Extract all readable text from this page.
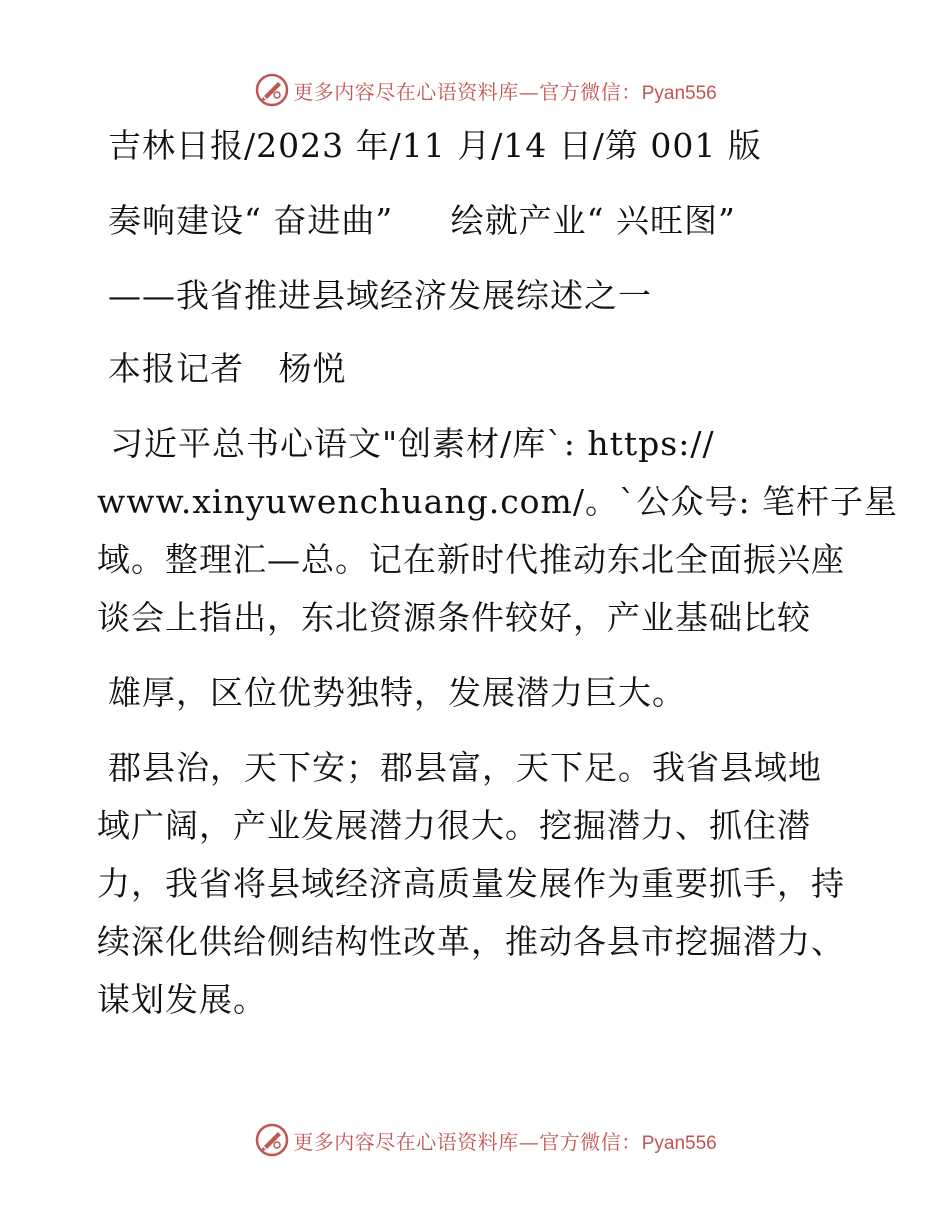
更多内容尽在心语资料库—官方微信：Pyan556
吉林日报/2023 年/11 月/14 日/第 001 版
奏响建设“ 奋进曲”     绘就产业“ 兴旺图”
——我省推进县域经济发展综述之一
本报记者   杨悦
习近平总书心语文"创素材/库`: https://
www.xinyuwenchuang.com/。`公众号: 笔杆子星
域。整理汇—总。记在新时代推动东北全面振兴座
谈会上指出，东北资源条件较好，产业基础比较
雄厚，区位优势独特，发展潜力巨大。
郡县治，天下安；郡县富，天下足。我省县域地
域广阔，产业发展潜力很大。挖掘潜力、抓住潜
力，我省将县域经济高质量发展作为重要抓手，持
续深化供给侧结构性改革，推动各县市挖掘潜力、
谋划发展。
更多内容尽在心语资料库—官方微信：Pyan556
